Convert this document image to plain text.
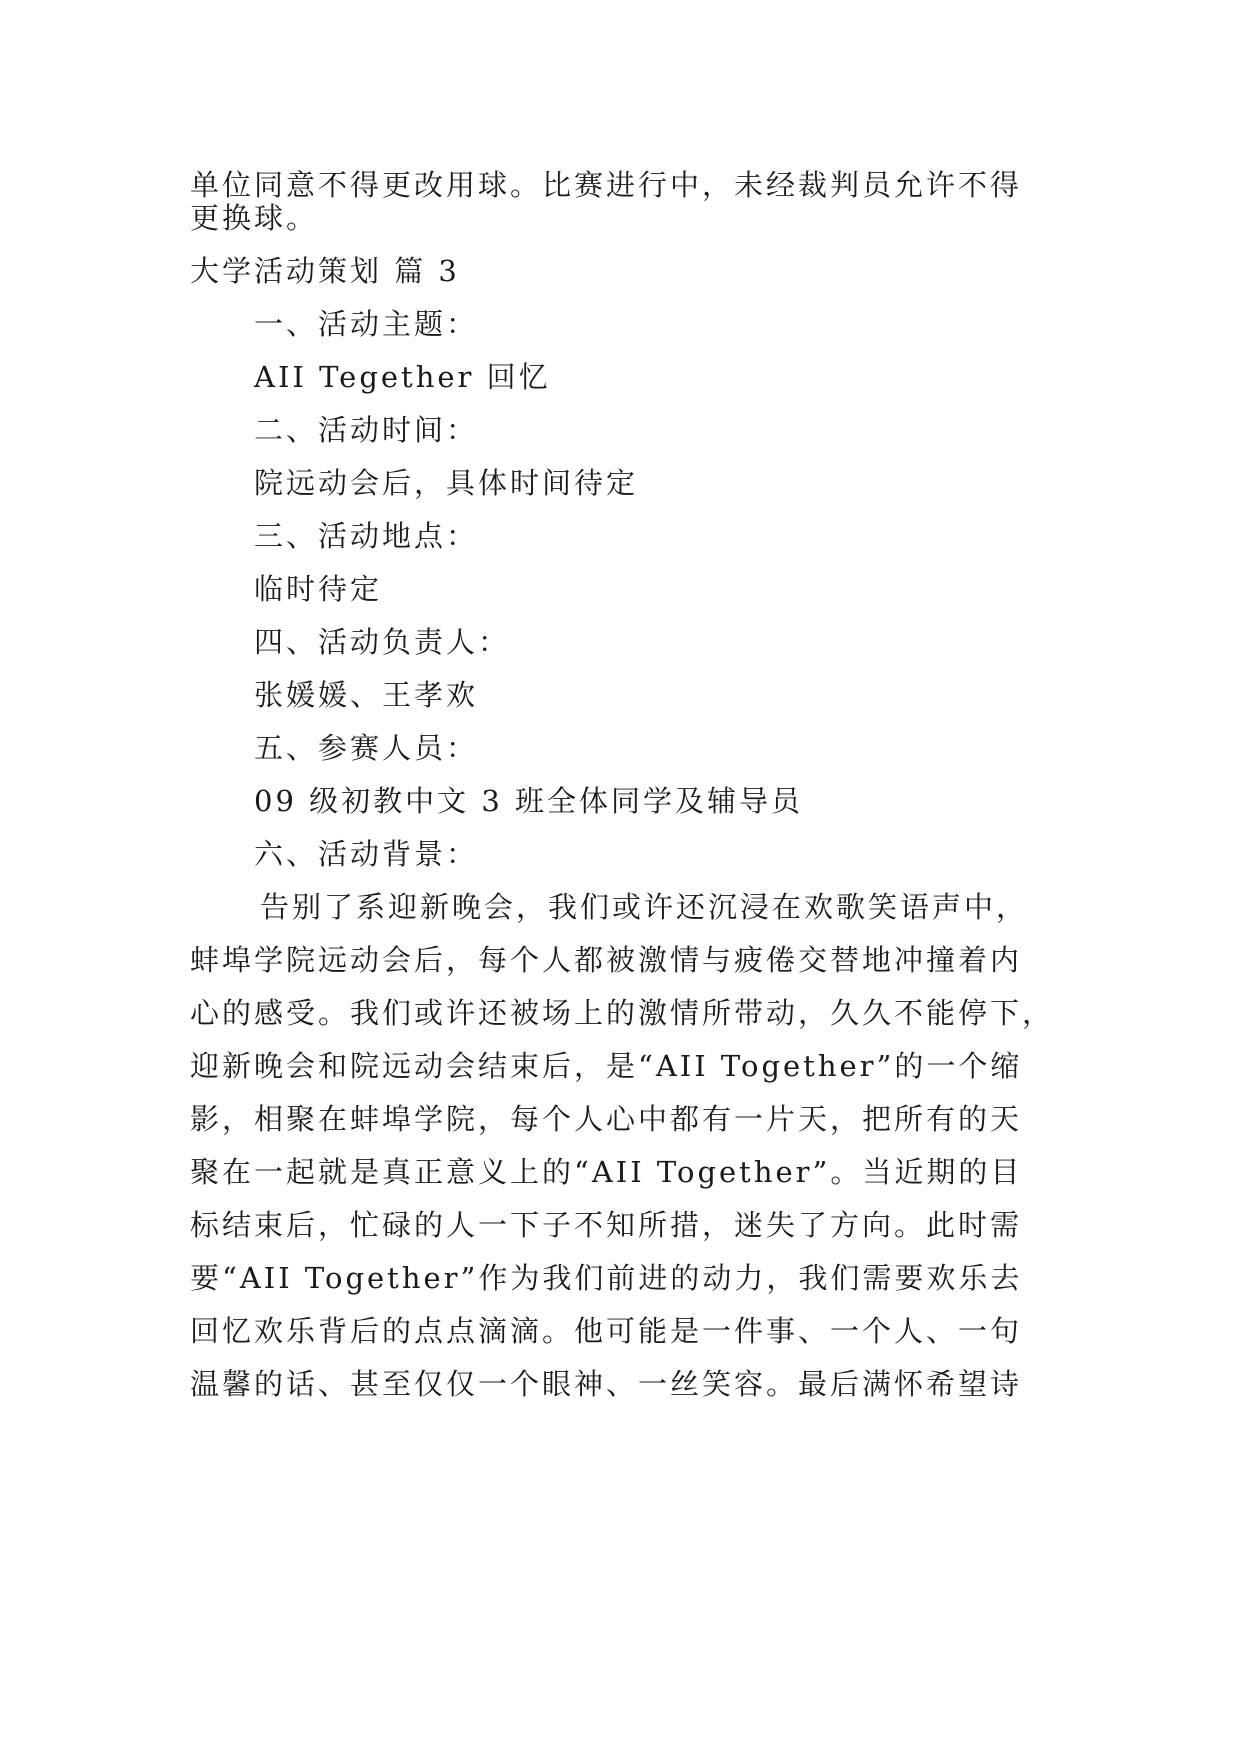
单位同意不得更改用球。比赛进行中，未经裁判员允许不得
更换球。
大学活动策划 篇 3
一、活动主题：
AII Tegether 回忆
二、活动时间：
院远动会后，具体时间待定
三、活动地点：
临时待定
四、活动负责人：
张媛媛、王孝欢
五、参赛人员：
09 级初教中文 3 班全体同学及辅导员
六、活动背景：
告别了系迎新晚会，我们或许还沉浸在欢歌笑语声中，
蚌埠学院远动会后，每个人都被激情与疲倦交替地冲撞着内
心的感受。我们或许还被场上的激情所带动，久久不能停下，
迎新晚会和院远动会结束后，是“AII Together”的一个缩
影，相聚在蚌埠学院，每个人心中都有一片天，把所有的天
聚在一起就是真正意义上的“AII Together”。当近期的目
标结束后，忙碌的人一下子不知所措，迷失了方向。此时需
要“AII Together”作为我们前进的动力，我们需要欢乐去
回忆欢乐背后的点点滴滴。他可能是一件事、一个人、一句
温馨的话、甚至仅仅一个眼神、一丝笑容。最后满怀希望诗
